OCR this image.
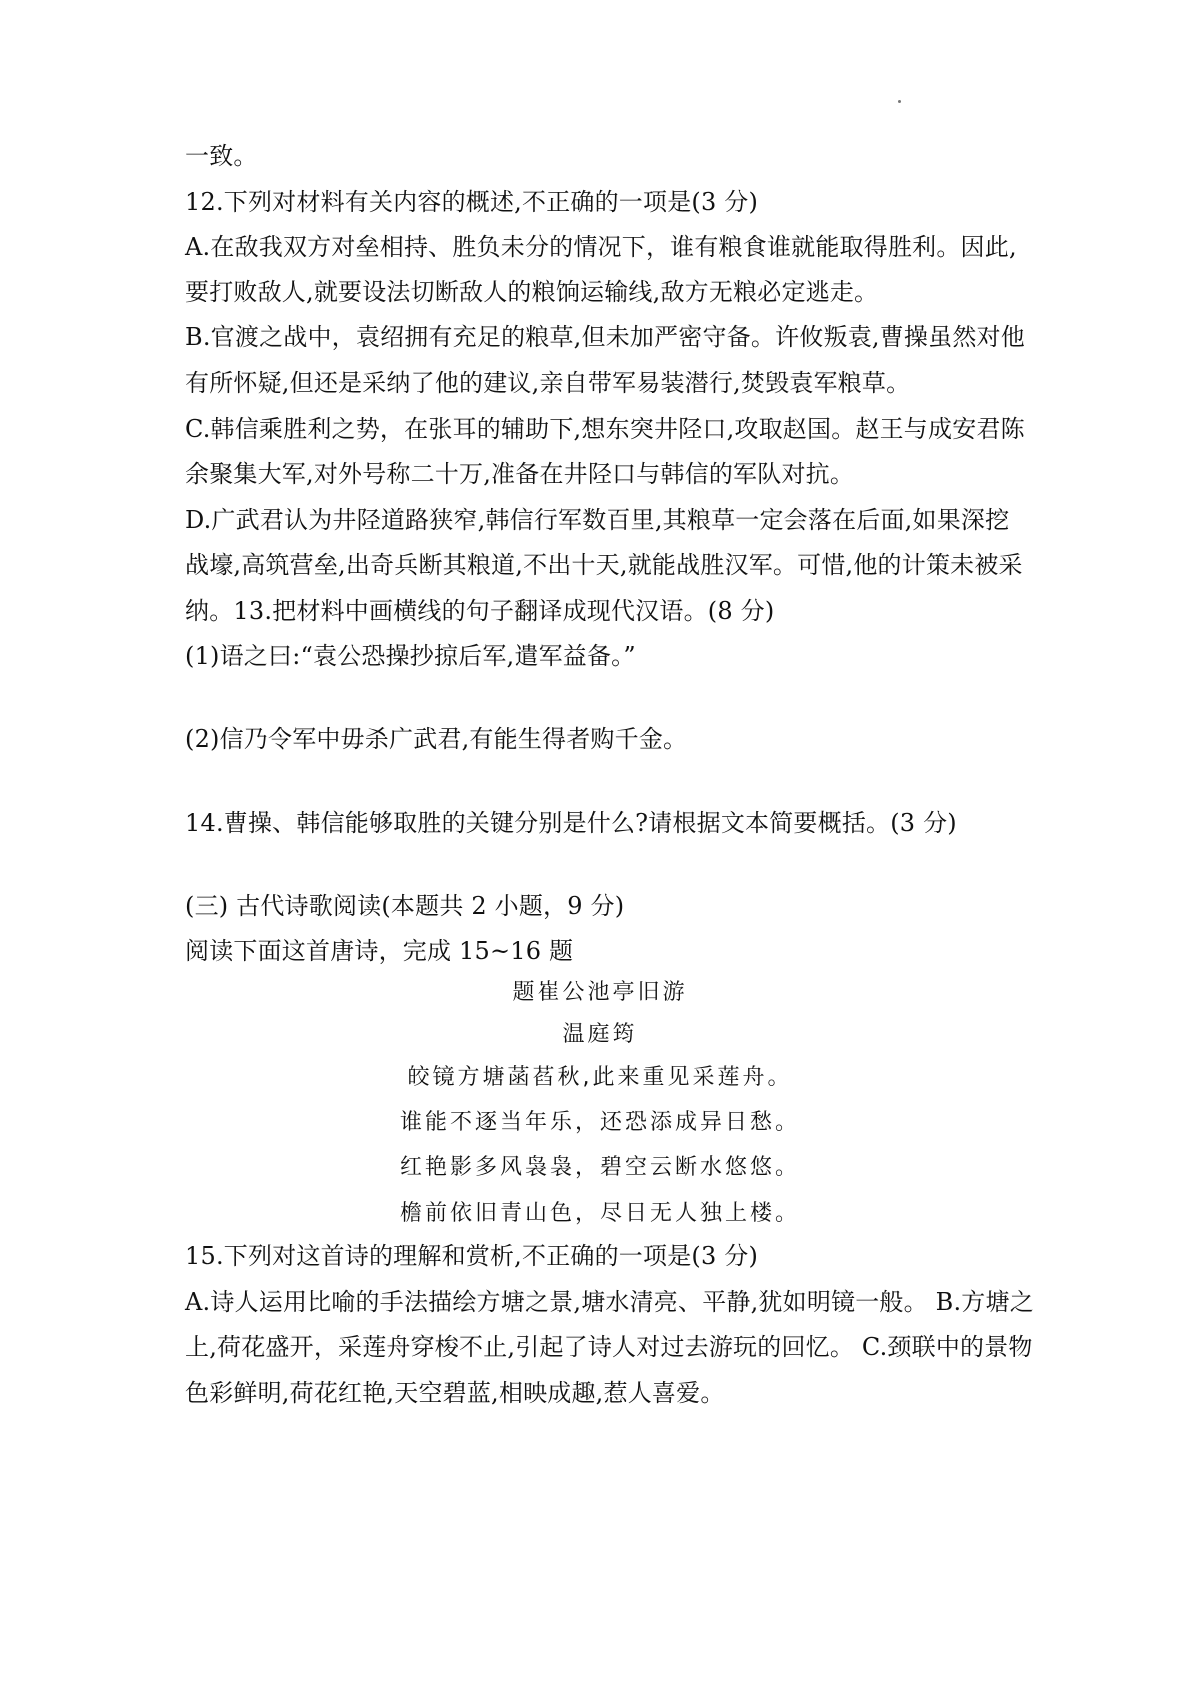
一致。
12.下列对材料有关内容的概述,不正确的一项是(3 分)
A.在敌我双方对垒相持、胜负未分的情况下，谁有粮食谁就能取得胜利。因此,
要打败敌人,就要设法切断敌人的粮饷运输线,敌方无粮必定逃走。
B.官渡之战中，袁绍拥有充足的粮草,但未加严密守备。许攸叛袁,曹操虽然对他
有所怀疑,但还是采纳了他的建议,亲自带军易装潜行,焚毁袁军粮草。
C.韩信乘胜利之势，在张耳的辅助下,想东突井陉口,攻取赵国。赵王与成安君陈
余聚集大军,对外号称二十万,准备在井陉口与韩信的军队对抗。
D.广武君认为井陉道路狭窄,韩信行军数百里,其粮草一定会落在后面,如果深挖
战壕,高筑营垒,出奇兵断其粮道,不出十天,就能战胜汉军。可惜,他的计策未被采
纳。13.把材料中画横线的句子翻译成现代汉语。(8 分)
(1)语之曰:“袁公恐操抄掠后军,遣军益备。”
(2)信乃令军中毋杀广武君,有能生得者购千金。
14.曹操、韩信能够取胜的关键分别是什么?请根据文本简要概括。(3 分)
(三) 古代诗歌阅读(本题共 2 小题，9 分)
阅读下面这首唐诗，完成 15~16 题
题崔公池亭旧游
温庭筠
皎镜方塘菡萏秋,此来重见采莲舟。
谁能不逐当年乐，还恐添成异日愁。
红艳影多风袅袅，碧空云断水悠悠。
檐前依旧青山色，尽日无人独上楼。
15.下列对这首诗的理解和赏析,不正确的一项是(3 分)
A.诗人运用比喻的手法描绘方塘之景,塘水清亮、平静,犹如明镜一般。 B.方塘之
上,荷花盛开，采莲舟穿梭不止,引起了诗人对过去游玩的回忆。 C.颈联中的景物
色彩鲜明,荷花红艳,天空碧蓝,相映成趣,惹人喜爱。
